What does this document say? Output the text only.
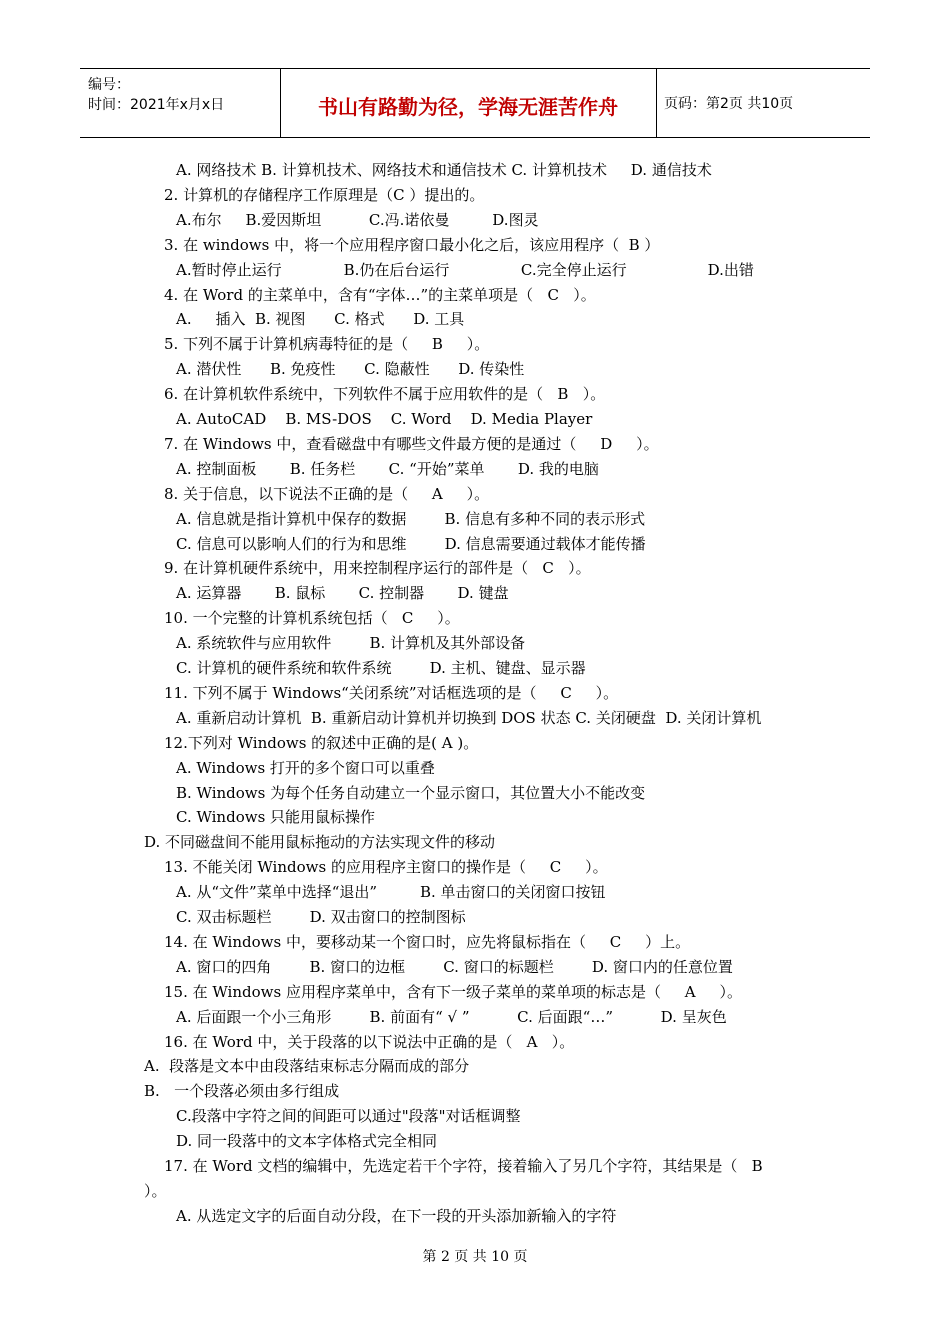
编号：
时间：2021年x月x日	书山有路勤为径，学海无涯苦作舟	页码：第2页 共10页
A. 网络技术 B. 计算机技术、网络技术和通信技术 C. 计算机技术     D. 通信技术
2. 计算机的存储程序工作原理是（C ）提出的。
A.布尔     B.爱因斯坦          C.冯.诺依曼         D.图灵
3. 在 windows 中，将一个应用程序窗口最小化之后，该应用程序（  B ）
A.暂时停止运行             B.仍在后台运行               C.完全停止运行                 D.出错
4. 在 Word 的主菜单中，含有“字体…”的主菜单项是（   C   ）。
A.     插入  B. 视图      C. 格式      D. 工具
5. 下列不属于计算机病毒特征的是（     B     ）。
A. 潜伏性      B. 免疫性      C. 隐蔽性      D. 传染性
6. 在计算机软件系统中，下列软件不属于应用软件的是（   B   ）。
A. AutoCAD    B. MS-DOS    C. Word    D. Media Player
7. 在 Windows 中，查看磁盘中有哪些文件最方便的是通过（     D     ）。
A. 控制面板       B. 任务栏       C. “开始”菜单       D. 我的电脑
8. 关于信息，以下说法不正确的是（     A     ）。
A. 信息就是指计算机中保存的数据        B. 信息有多种不同的表示形式
C. 信息可以影响人们的行为和思维        D. 信息需要通过载体才能传播
9. 在计算机硬件系统中，用来控制程序运行的部件是（   C   ）。
A. 运算器       B. 鼠标       C. 控制器       D. 键盘
10. 一个完整的计算机系统包括（   C     ）。
A. 系统软件与应用软件        B. 计算机及其外部设备
C. 计算机的硬件系统和软件系统        D. 主机、键盘、显示器
11. 下列不属于 Windows“关闭系统”对话框选项的是（     C     ）。
A. 重新启动计算机  B. 重新启动计算机并切换到 DOS 状态 C. 关闭硬盘  D. 关闭计算机
12.下列对 Windows 的叙述中正确的是( A )。
A. Windows 打开的多个窗口可以重叠
B. Windows 为每个任务自动建立一个显示窗口，其位置大小不能改变
C. Windows 只能用鼠标操作
D. 不同磁盘间不能用鼠标拖动的方法实现文件的移动
13. 不能关闭 Windows 的应用程序主窗口的操作是（     C     ）。
A. 从“文件”菜单中选择“退出”         B. 单击窗口的关闭窗口按钮
C. 双击标题栏        D. 双击窗口的控制图标
14. 在 Windows 中，要移动某一个窗口时，应先将鼠标指在（     C     ）上。
A. 窗口的四角        B. 窗口的边框        C. 窗口的标题栏        D. 窗口内的任意位置
15. 在 Windows 应用程序菜单中，含有下一级子菜单的菜单项的标志是（     A     ）。
A. 后面跟一个小三角形        B. 前面有“ √ ”          C. 后面跟“…”          D. 呈灰色
16. 在 Word 中，关于段落的以下说法中正确的是（   A   ）。
A.  段落是文本中由段落结束标志分隔而成的部分
B.   一个段落必须由多行组成
C.段落中字符之间的间距可以通过"段落"对话框调整
D. 同一段落中的文本字体格式完全相同
17. 在 Word 文档的编辑中，先选定若干个字符，接着输入了另几个字符，其结果是（   B
）。
A. 从选定文字的后面自动分段，在下一段的开头添加新输入的字符
第 2 页 共 10 页
